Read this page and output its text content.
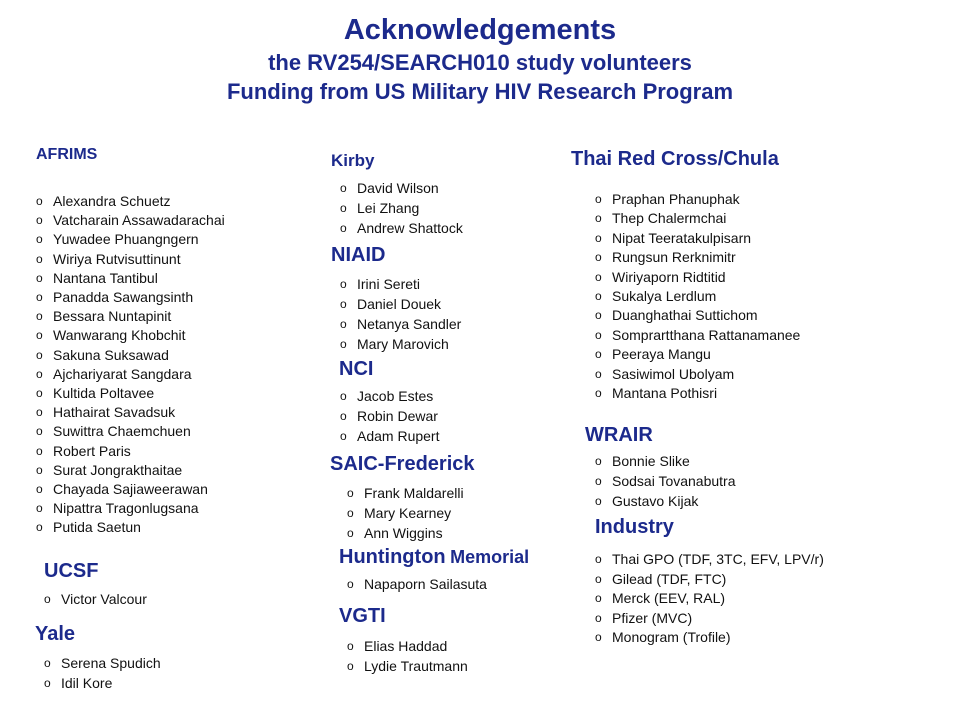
Acknowledgements
the RV254/SEARCH010 study volunteers
Funding from US Military HIV Research Program
AFRIMS
o Alexandra Schuetz
o Vatcharain Assawadarachai
o Yuwadee Phuangngern
o Wiriya Rutvisuttinunt
o Nantana Tantibul
o Panadda Sawangsinth
o Bessara Nuntapinit
o Wanwarang Khobchit
o Sakuna Suksawad
o Ajchariyarat Sangdara
o Kultida Poltavee
o Hathairat Savadsuk
o Suwittra Chaemchuen
o Robert Paris
o Surat Jongrakthaitae
o Chayada Sajiaweerawan
o Nipattra Tragonlugsana
o Putida Saetun
UCSF
o Victor Valcour
Yale
o Serena Spudich
o Idil Kore
Kirby
o David Wilson
o Lei Zhang
o Andrew Shattock
NIAID
o Irini Sereti
o Daniel Douek
o Netanya Sandler
o Mary Marovich
NCI
o Jacob Estes
o Robin Dewar
o Adam Rupert
SAIC-Frederick
o Frank Maldarelli
o Mary Kearney
o Ann Wiggins
Huntington Memorial
o Napaporn Sailasuta
VGTI
o Elias Haddad
o Lydie Trautmann
Thai Red Cross/Chula
o Praphan Phanuphak
o Thep Chalermchai
o Nipat Teeratakulpisarn
o Rungsun Rerknimitr
o Wiriyaporn Ridtitid
o Sukalya Lerdlum
o Duanghathai Suttichom
o Somprartthana Rattanamanee
o Peeraya Mangu
o Sasiwimol Ubolyam
o Mantana Pothisri
WRAIR
o Bonnie Slike
o Sodsai Tovanabutra
o Gustavo Kijak
Industry
o Thai GPO (TDF, 3TC, EFV, LPV/r)
o Gilead (TDF, FTC)
o Merck (EEV, RAL)
o Pfizer (MVC)
o Monogram (Trofile)
